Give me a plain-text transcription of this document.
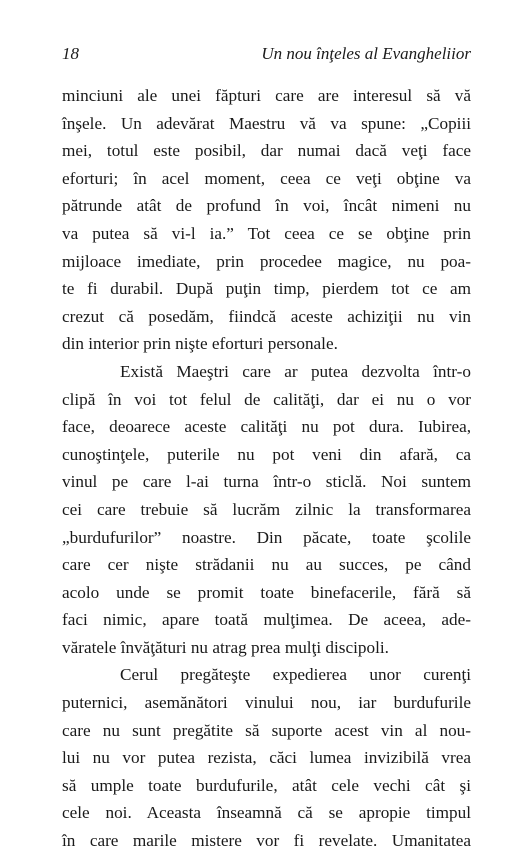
18	Un nou înţeles al Evangheliior
minciuni ale unei făpturi care are interesul să vă
înşele. Un adevărat Maestru vă va spune: „Copiii
mei, totul este posibil, dar numai dacă veţi face
eforturi; în acel moment, ceea ce veţi obţine va
pătrunde atât de profund în voi, încât nimeni nu
va putea să vi-l ia.” Tot ceea ce se obţine prin
mijloace imediate, prin procedee magice, nu poa-
te fi durabil. După puţin timp, pierdem tot ce am
crezut că posedăm, fiindcă aceste achiziţii nu vin
din interior prin nişte eforturi personale.
Există Maeştri care ar putea dezvolta într-o
clipă în voi tot felul de calităţi, dar ei nu o vor
face, deoarece aceste calităţi nu pot dura. Iubirea,
cunoştinţele, puterile nu pot veni din afară, ca
vinul pe care l-ai turna într-o sticlă. Noi suntem
cei care trebuie să lucrăm zilnic la transformarea
„burdufurilor” noastre. Din păcate, toate şcolile
care cer nişte strădanii nu au succes, pe când
acolo unde se promit toate binefacerile, fără să
faci nimic, apare toată mulţimea. De aceea, ade-
văratele învăţături nu atrag prea mulţi discipoli.
Cerul pregăteşte expedierea unor curenţi
puternici, asemănători vinului nou, iar burdufurile
care nu sunt pregătite să suporte acest vin al nou-
lui nu vor putea rezista, căci lumea invizibilă vrea
să umple toate burdufurile, atât cele vechi cât şi
cele noi. Aceasta înseamnă că se apropie timpul
în care marile mistere vor fi revelate. Umanitatea
